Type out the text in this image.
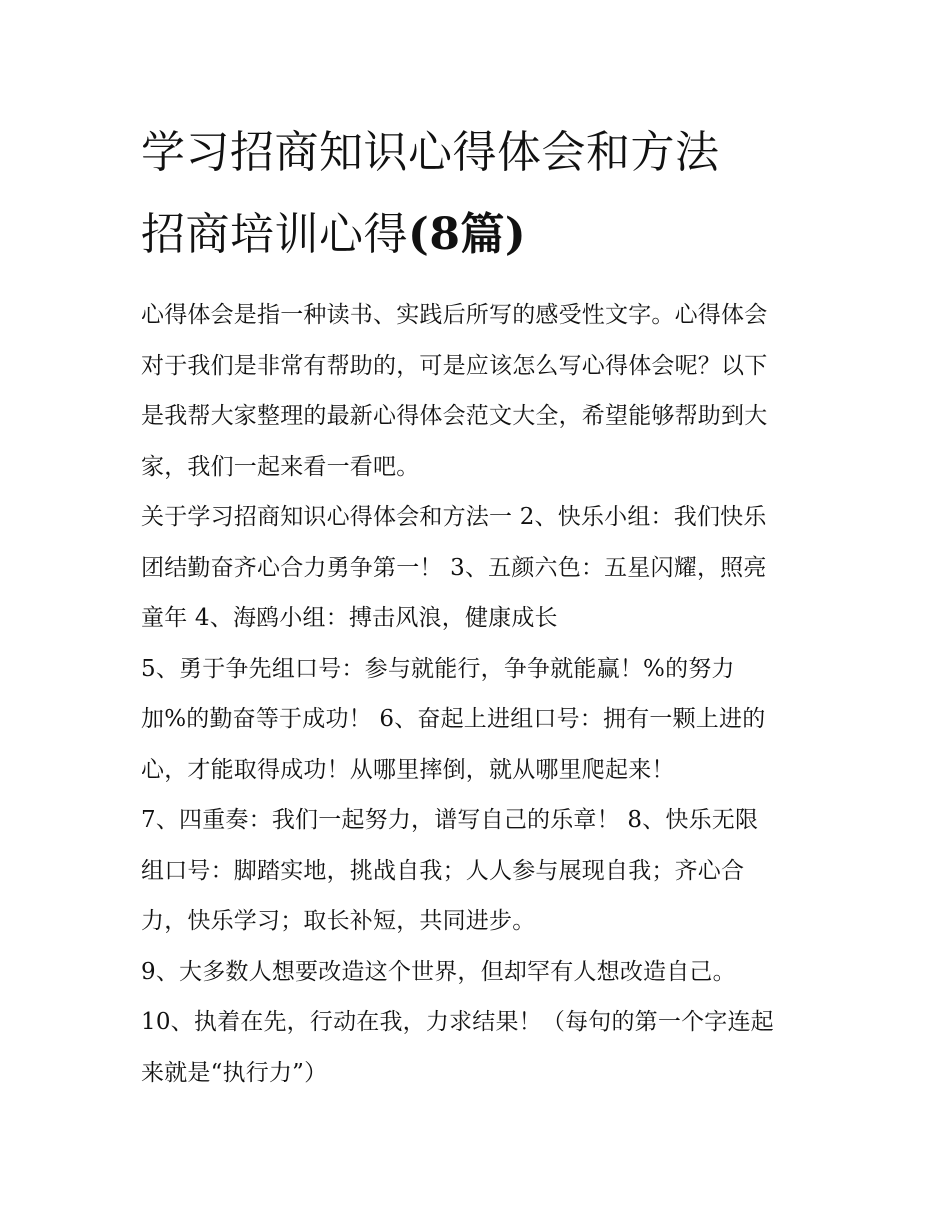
学习招商知识心得体会和方法
招商培训心得(8篇)

心得体会是指一种读书、实践后所写的感受性文字。心得体会
对于我们是非常有帮助的，可是应该怎么写心得体会呢？以下
是我帮大家整理的最新心得体会范文大全，希望能够帮助到大
家，我们一起来看一看吧。

关于学习招商知识心得体会和方法一 2、快乐小组：我们快乐
团结勤奋齐心合力勇争第一！ 3、五颜六色：五星闪耀，照亮
童年 4、海鸥小组：搏击风浪，健康成长

5、勇于争先组口号：参与就能行，争争就能赢！%的努力
加%的勤奋等于成功！ 6、奋起上进组口号：拥有一颗上进的
心，才能取得成功！从哪里摔倒，就从哪里爬起来！

7、四重奏：我们一起努力，谱写自己的乐章！ 8、快乐无限
组口号：脚踏实地，挑战自我；人人参与展现自我；齐心合
力，快乐学习；取长补短，共同进步。

9、大多数人想要改造这个世界，但却罕有人想改造自己。

10、执着在先，行动在我，力求结果！（每句的第一个字连起
来就是“执行力”）
